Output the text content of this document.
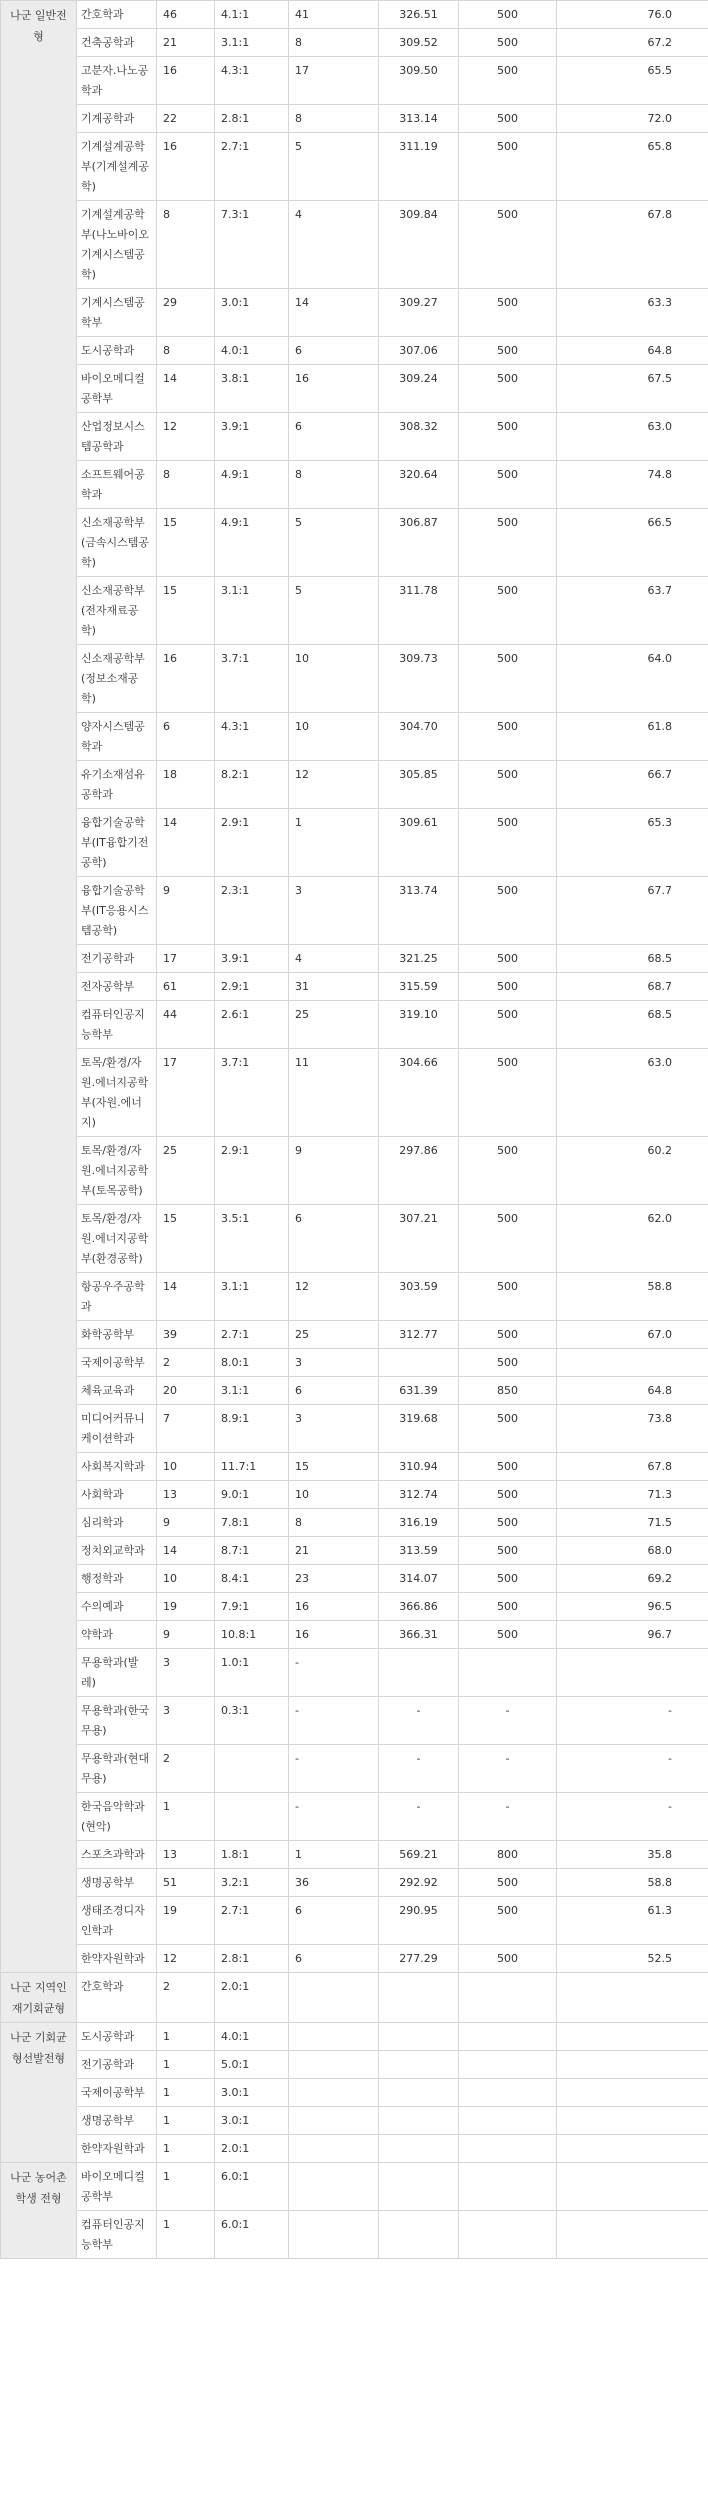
나군 일반전형	간호학과	46	4.1:1	41	326.51	500	76.0
	건축공학과	21	3.1:1	8	309.52	500	67.2
	고분자.나노공학과	16	4.3:1	17	309.50	500	65.5
	기계공학과	22	2.8:1	8	313.14	500	72.0
	기계설계공학부(기계설계공학)	16	2.7:1	5	311.19	500	65.8
	기계설계공학부(나노바이오기계시스템공학)	8	7.3:1	4	309.84	500	67.8
	기계시스템공학부	29	3.0:1	14	309.27	500	63.3
	도시공학과	8	4.0:1	6	307.06	500	64.8
	바이오메디컬공학부	14	3.8:1	16	309.24	500	67.5
	산업정보시스템공학과	12	3.9:1	6	308.32	500	63.0
	소프트웨어공학과	8	4.9:1	8	320.64	500	74.8
	신소재공학부(금속시스템공학)	15	4.9:1	5	306.87	500	66.5
	신소재공학부(전자재료공학)	15	3.1:1	5	311.78	500	63.7
	신소재공학부(정보소재공학)	16	3.7:1	10	309.73	500	64.0
	양자시스템공학과	6	4.3:1	10	304.70	500	61.8
	유기소재섬유공학과	18	8.2:1	12	305.85	500	66.7
	융합기술공학부(IT융합기전공학)	14	2.9:1	1	309.61	500	65.3
	융합기술공학부(IT응용시스템공학)	9	2.3:1	3	313.74	500	67.7
	전기공학과	17	3.9:1	4	321.25	500	68.5
	전자공학부	61	2.9:1	31	315.59	500	68.7
	컴퓨터인공지능학부	44	2.6:1	25	319.10	500	68.5
	토목/환경/자원.에너지공학부(자원.에너지)	17	3.7:1	11	304.66	500	63.0
	토목/환경/자원.에너지공학부(토목공학)	25	2.9:1	9	297.86	500	60.2
	토목/환경/자원.에너지공학부(환경공학)	15	3.5:1	6	307.21	500	62.0
	항공우주공학과	14	3.1:1	12	303.59	500	58.8
	화학공학부	39	2.7:1	25	312.77	500	67.0
	국제이공학부	2	8.0:1	3		500	
	체육교육과	20	3.1:1	6	631.39	850	64.8
	미디어커뮤니케이션학과	7	8.9:1	3	319.68	500	73.8
	사회복지학과	10	11.7:1	15	310.94	500	67.8
	사회학과	13	9.0:1	10	312.74	500	71.3
	심리학과	9	7.8:1	8	316.19	500	71.5
	정치외교학과	14	8.7:1	21	313.59	500	68.0
	행정학과	10	8.4:1	23	314.07	500	69.2
	수의예과	19	7.9:1	16	366.86	500	96.5
	약학과	9	10.8:1	16	366.31	500	96.7
	무용학과(발레)	3	1.0:1	-			
	무용학과(한국무용)	3	0.3:1	-	-	-	-
	무용학과(현대무용)	2		-	-	-	-
	한국음악학과(현악)	1		-	-	-	-
	스포츠과학과	13	1.8:1	1	569.21	800	35.8
	생명공학부	51	3.2:1	36	292.92	500	58.8
	생태조경디자인학과	19	2.7:1	6	290.95	500	61.3
	한약자원학과	12	2.8:1	6	277.29	500	52.5
나군 지역인재기회균형	간호학과	2	2.0:1				
나군 기회균형선발전형	도시공학과	1	4.0:1				
	전기공학과	1	5.0:1				
	국제이공학부	1	3.0:1				
	생명공학부	1	3.0:1				
	한약자원학과	1	2.0:1				
나군 농어촌학생 전형	바이오메디컬공학부	1	6.0:1				
	컴퓨터인공지능학부	1	6.0:1				
